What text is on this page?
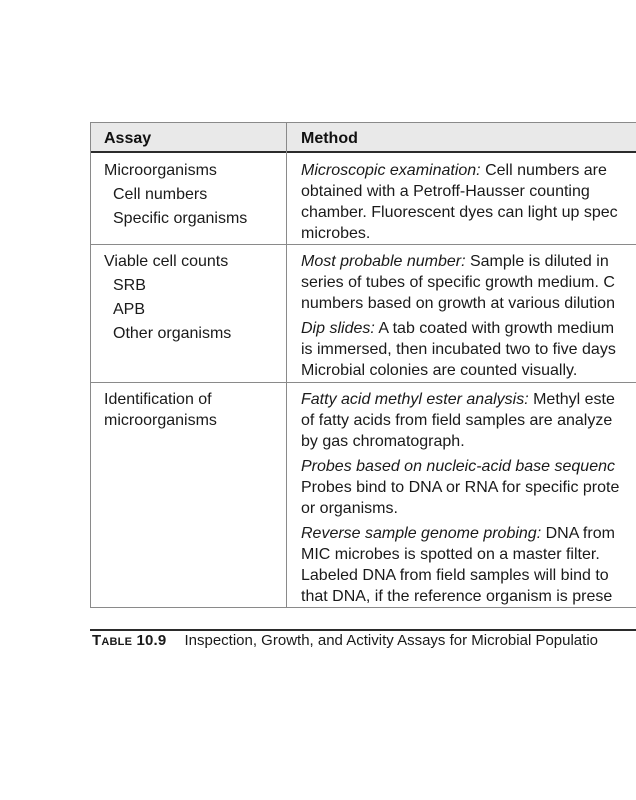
Assay	Method
Microorganisms
Cell numbers
Specific organisms

Microscopic examination: Cell numbers are
obtained with a Petroff-Hausser counting
chamber. Fluorescent dyes can light up spec
microbes.

Viable cell counts
SRB
APB
Other organisms

Most probable number: Sample is diluted in
series of tubes of specific growth medium. C
numbers based on growth at various dilution

Dip slides: A tab coated with growth medium
is immersed, then incubated two to five days
Microbial colonies are counted visually.

Identification of
microorganisms

Fatty acid methyl ester analysis: Methyl este
of fatty acids from field samples are analyze
by gas chromatograph.

Probes based on nucleic-acid base sequenc
Probes bind to DNA or RNA for specific prote
or organisms.

Reverse sample genome probing: DNA from
MIC microbes is spotted on a master filter.
Labeled DNA from field samples will bind to
that DNA, if the reference organism is prese

Table 10.9 Inspection, Growth, and Activity Assays for Microbial Populatio
